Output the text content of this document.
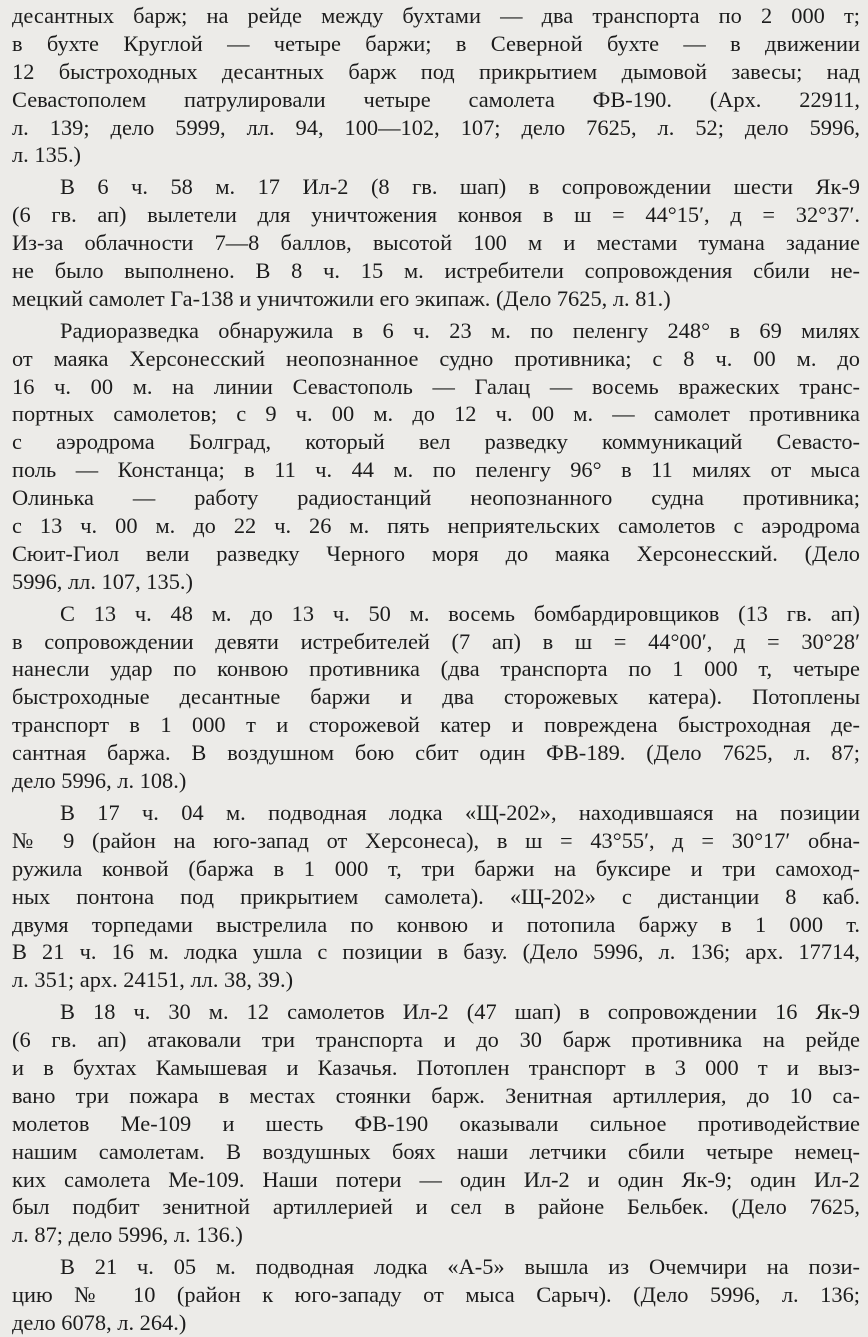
десантных барж; на рейде между бухтами — два транспорта по 2 000 т;
в бухте Круглой — четыре баржи; в Северной бухте — в движении
12 быстроходных десантных барж под прикрытием дымовой завесы; над
Севастополем патрулировали четыре самолета ФВ-190. (Арх. 22911,
л. 139; дело 5999, лл. 94, 100—102, 107; дело 7625, л. 52; дело 5996,
л. 135.)
В 6 ч. 58 м. 17 Ил-2 (8 гв. шап) в сопровождении шести Як-9
(6 гв. ап) вылетели для уничтожения конвоя в ш = 44°15′, д = 32°37′.
Из-за облачности 7—8 баллов, высотой 100 м и местами тумана задание
не было выполнено. В 8 ч. 15 м. истребители сопровождения сбили не-
мецкий самолет Га-138 и уничтожили его экипаж. (Дело 7625, л. 81.)
Радиоразведка обнаружила в 6 ч. 23 м. по пеленгу 248° в 69 милях
от маяка Херсонесский неопознанное судно противника; с 8 ч. 00 м. до
16 ч. 00 м. на линии Севастополь — Галац — восемь вражеских транс-
портных самолетов; с 9 ч. 00 м. до 12 ч. 00 м. — самолет противника
с аэродрома Болград, который вел разведку коммуникаций Севасто-
поль — Констанца; в 11 ч. 44 м. по пеленгу 96° в 11 милях от мыса
Олинька — работу радиостанций неопознанного судна противника;
с 13 ч. 00 м. до 22 ч. 26 м. пять неприятельских самолетов с аэродрома
Сюит-Гиол вели разведку Черного моря до маяка Херсонесский. (Дело
5996, лл. 107, 135.)
С 13 ч. 48 м. до 13 ч. 50 м. восемь бомбардировщиков (13 гв. ап)
в сопровождении девяти истребителей (7 ап) в ш = 44°00′, д = 30°28′
нанесли удар по конвою противника (два транспорта по 1 000 т, четыре
быстроходные десантные баржи и два сторожевых катера). Потоплены
транспорт в 1 000 т и сторожевой катер и повреждена быстроходная де-
сантная баржа. В воздушном бою сбит один ФВ-189. (Дело 7625, л. 87;
дело 5996, л. 108.)
В 17 ч. 04 м. подводная лодка «Щ-202», находившаяся на позиции
№ 9 (район на юго-запад от Херсонеса), в ш = 43°55′, д = 30°17′ обна-
ружила конвой (баржа в 1 000 т, три баржи на буксире и три самоход-
ных понтона под прикрытием самолета). «Щ-202» с дистанции 8 каб.
двумя торпедами выстрелила по конвою и потопила баржу в 1 000 т.
В 21 ч. 16 м. лодка ушла с позиции в базу. (Дело 5996, л. 136; арх. 17714,
л. 351; арх. 24151, лл. 38, 39.)
В 18 ч. 30 м. 12 самолетов Ил-2 (47 шап) в сопровождении 16 Як-9
(6 гв. ап) атаковали три транспорта и до 30 барж противника на рейде
и в бухтах Камышевая и Казачья. Потоплен транспорт в 3 000 т и выз-
вано три пожара в местах стоянки барж. Зенитная артиллерия, до 10 са-
молетов Ме-109 и шесть ФВ-190 оказывали сильное противодействие
нашим самолетам. В воздушных боях наши летчики сбили четыре немец-
ких самолета Ме-109. Наши потери — один Ил-2 и один Як-9; один Ил-2
был подбит зенитной артиллерией и сел в районе Бельбек. (Дело 7625,
л. 87; дело 5996, л. 136.)
В 21 ч. 05 м. подводная лодка «А-5» вышла из Очемчири на пози-
цию № 10 (район к юго-западу от мыса Сарыч). (Дело 5996, л. 136;
дело 6078, л. 264.)
